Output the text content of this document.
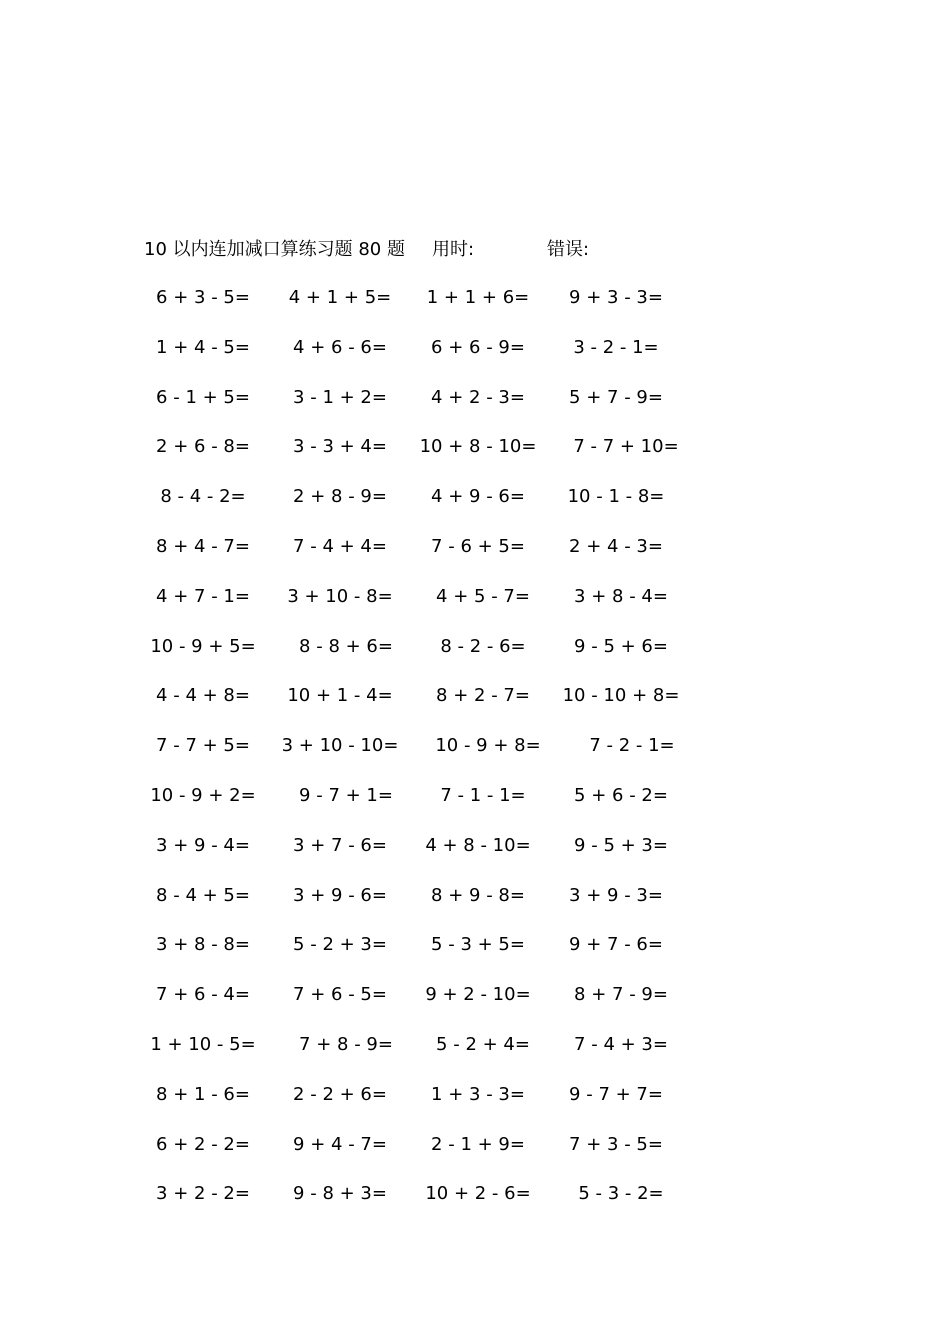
10 以内连加减口算练习题 80 题 用时:	错误:
6 + 3 - 5=	4 + 1 + 5=	1 + 1 + 6=	9 + 3 - 3=
1 + 4 - 5=	4 + 6 - 6=	6 + 6 - 9=	3 - 2 - 1=
6 - 1 + 5=	3 - 1 + 2=	4 + 2 - 3=	5 + 7 - 9=
2 + 6 - 8=	3 - 3 + 4=	10 + 8 - 10=	7 - 7 + 10=
8 - 4 - 2=	2 + 8 - 9=	4 + 9 - 6=	10 - 1 - 8=
8 + 4 - 7=	7 - 4 + 4=	7 - 6 + 5=	2 + 4 - 3=
4 + 7 - 1=	3 + 10 - 8=	4 + 5 - 7=	3 + 8 - 4=
10 - 9 + 5=	8 - 8 + 6=	8 - 2 - 6=	9 - 5 + 6=
4 - 4 + 8=	10 + 1 - 4=	8 + 2 - 7=	10 - 10 + 8=
7 - 7 + 5=	3 + 10 - 10=	10 - 9 + 8=	7 - 2 - 1=
10 - 9 + 2=	9 - 7 + 1=	7 - 1 - 1=	5 + 6 - 2=
3 + 9 - 4=	3 + 7 - 6=	4 + 8 - 10=	9 - 5 + 3=
8 - 4 + 5=	3 + 9 - 6=	8 + 9 - 8=	3 + 9 - 3=
3 + 8 - 8=	5 - 2 + 3=	5 - 3 + 5=	9 + 7 - 6=
7 + 6 - 4=	7 + 6 - 5=	9 + 2 - 10=	8 + 7 - 9=
1 + 10 - 5=	7 + 8 - 9=	5 - 2 + 4=	7 - 4 + 3=
8 + 1 - 6=	2 - 2 + 6=	1 + 3 - 3=	9 - 7 + 7=
6 + 2 - 2=	9 + 4 - 7=	2 - 1 + 9=	7 + 3 - 5=
3 + 2 - 2=	9 - 8 + 3=	10 + 2 - 6=	5 - 3 - 2=
